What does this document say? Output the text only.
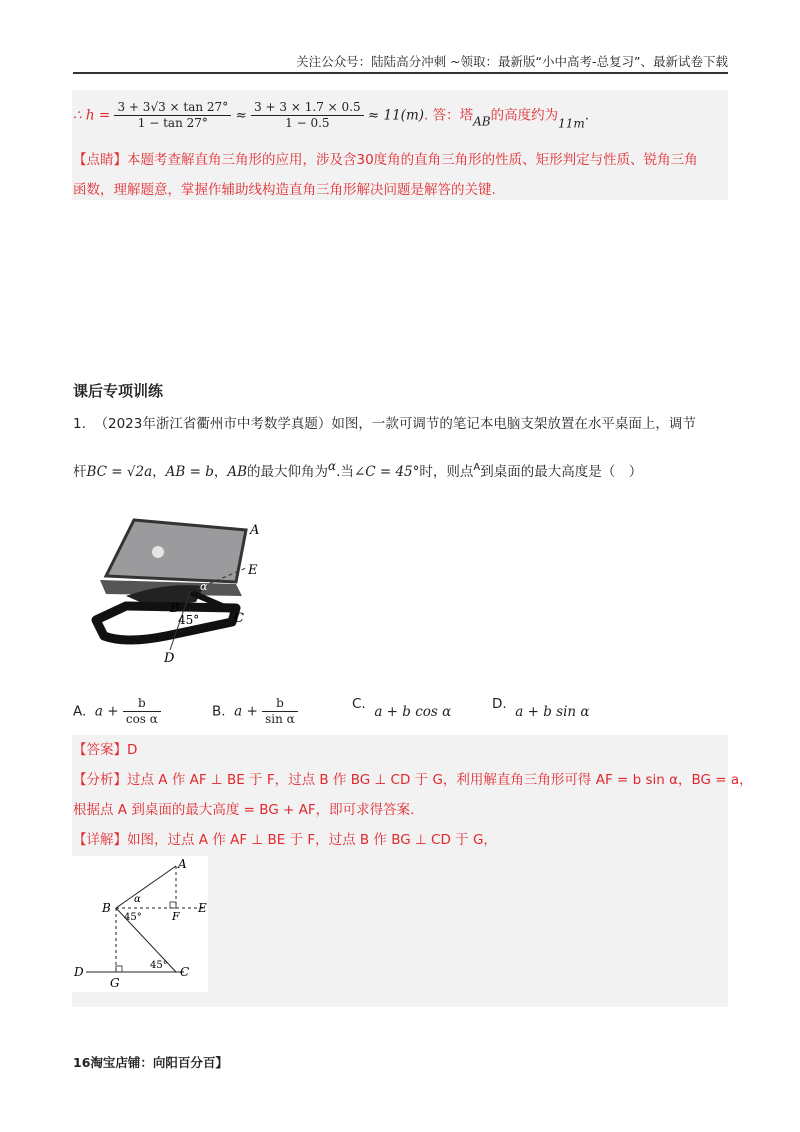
关注公众号：陆陆高分冲刺 ~领取：最新版“小中高考-总复习”、最新试卷下载
∴ $h = \frac{3 + 3√3 \times \tan 27^\circ}{1 - \tan 27^\circ} \approx \frac{3 + 3 \times 1.7 \times 0.5}{1 - 0.5} \approx 11(m)$. 答：塔AB的高度约为11m.
【点睛】本题考查解直角三角形的应用，涉及含30度角的直角三角形的性质、矩形判定与性质、锐角三角
函数，理解题意，掌握作辅助线构造直角三角形解决问题是解答的关键.
课后专项训练
1. （2023年浙江省衢州市中考数学真题）如图，一款可调节的笔记本电脑支架放置在水平桌面上，调节
杆BC = √2a，AB = b，AB的最大仰角为α.当∠C = 45°时，则点$^A$到桌面的最大高度是（　）
A
E
α
B
45°	C
D
A. $a + \frac{b}{\text{cos α}}$	B. $a + \frac{b}{\text{sin α}}$	C. a + b cos α	D. a + b sin α
【答案】D
【分析】过点 A 作 AF ⊥ BE 于 F，过点 B 作 BG ⊥ CD 于 G，利用解直角三角形可得 AF = b sin α，BG = a，
根据点 A 到桌面的最大高度 = BG + AF，即可求得答案.
【详解】如图，过点 A 作 AF ⊥ BE 于 F，过点 B 作 BG ⊥ CD 于 G，
A
B	E
F
α
45°
45°
D
G
C
16淘宝店铺：向阳百分百】
